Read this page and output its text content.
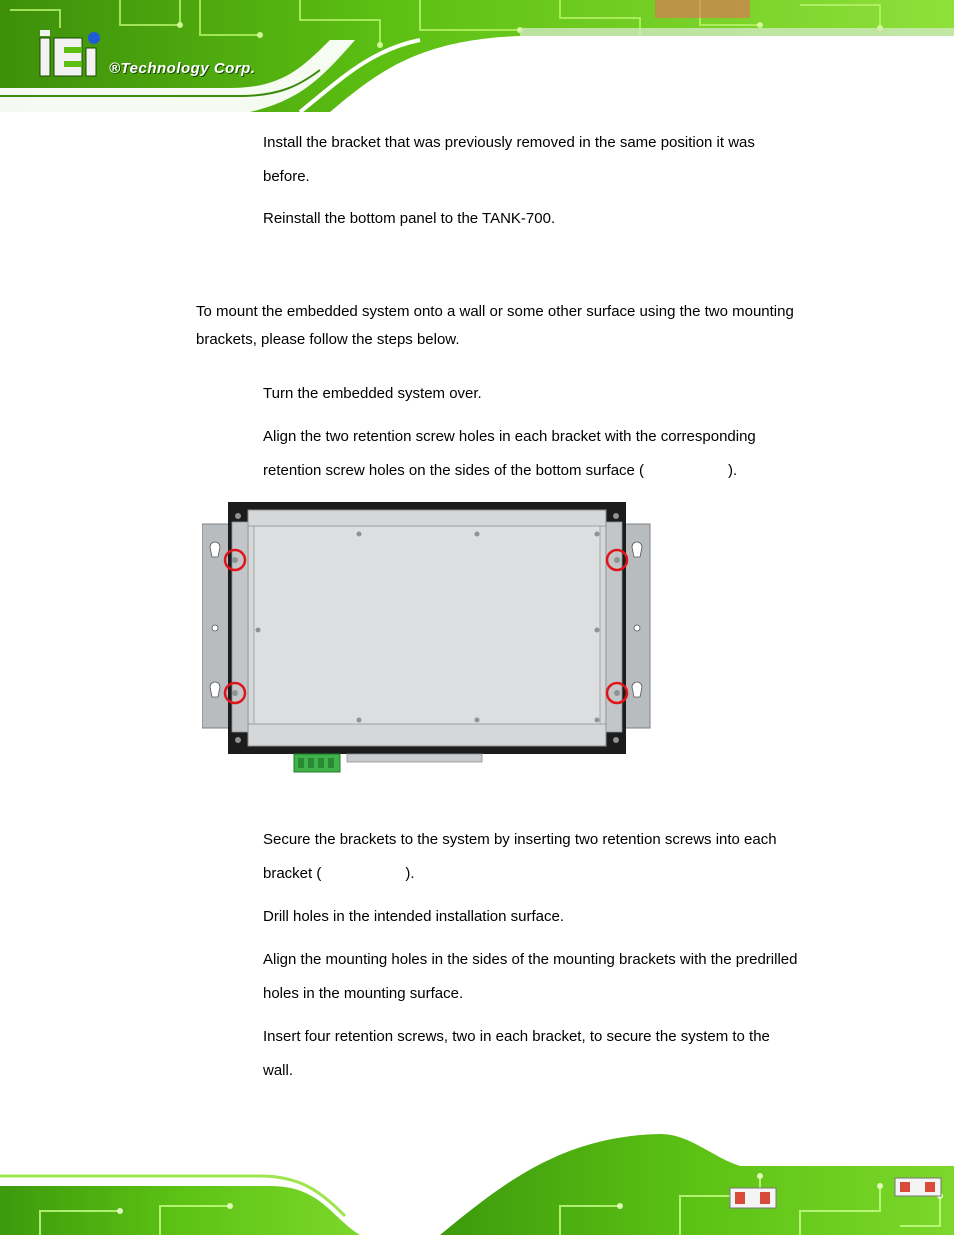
®Technology Corp.

Install the bracket that was previously removed in the same position it was
before.

Reinstall the bottom panel to the TANK-700.

To mount the embedded system onto a wall or some other surface using the two mounting
brackets, please follow the steps below.

Turn the embedded system over.

Align the two retention screw holes in each bracket with the corresponding
retention screw holes on the sides of the bottom surface (	).

Secure the brackets to the system by inserting two retention screws into each
bracket (	).

Drill holes in the intended installation surface.

Align the mounting holes in the sides of the mounting brackets with the predrilled
holes in the mounting surface.

Insert four retention screws, two in each bracket, to secure the system to the
wall.
